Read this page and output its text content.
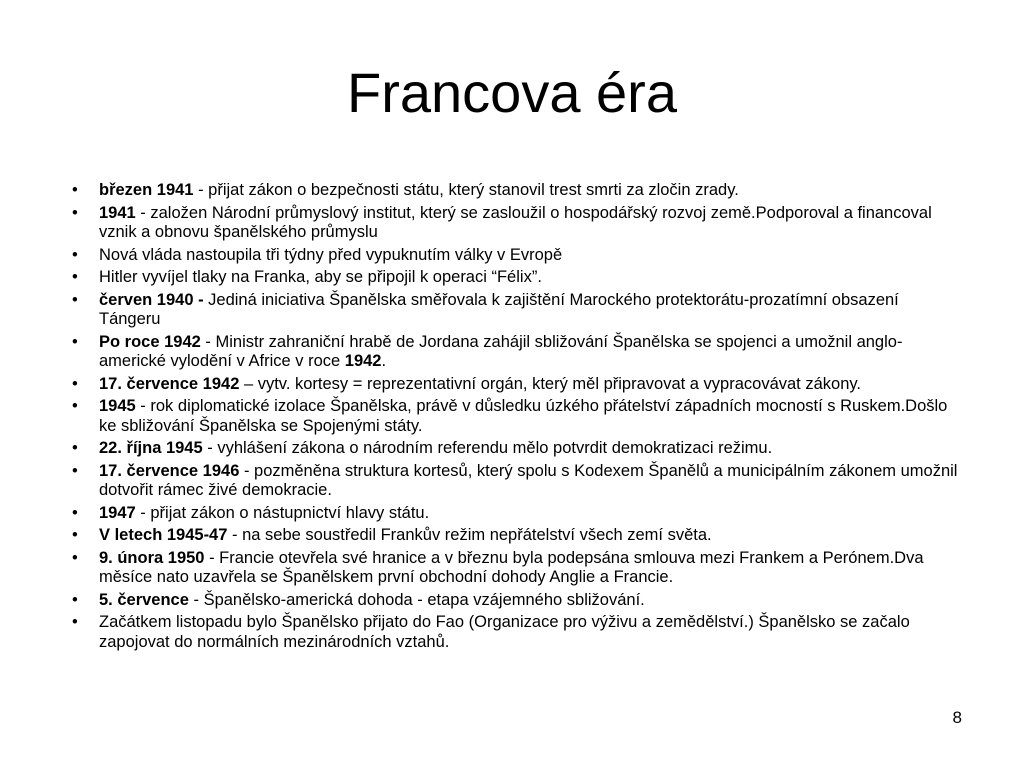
Francova éra
• březen 1941 - přijat zákon o bezpečnosti státu, který stanovil trest smrti za zločin zrady.
• 1941 - založen Národní průmyslový institut, který se zasloužil o hospodářský rozvoj země.Podporoval a financoval vznik a obnovu španělského průmyslu
• Nová vláda nastoupila tři týdny před vypuknutím války v Evropě
• Hitler vyvíjel tlaky na Franka, aby se připojil k operaci “Félix”.
• červen 1940 - Jediná iniciativa Španělska směřovala k zajištění Marockého protektorátu-prozatímní obsazení Tángeru
• Po roce 1942 - Ministr zahraniční hrabě de Jordana zahájil sbližování Španělska se spojenci a umožnil anglo-americké vylodění v Africe v roce 1942.
• 17. července 1942 – vytv. kortesy = reprezentativní orgán, který měl připravovat a vypracovávat zákony.
• 1945 - rok diplomatické izolace Španělska, právě v důsledku úzkého přátelství západních mocností s Ruskem.Došlo ke sbližování Španělska se Spojenými státy.
• 22. října 1945 - vyhlášení zákona o národním referendu mělo potvrdit demokratizaci režimu.
• 17. července 1946 - pozměněna struktura kortesů, který spolu s Kodexem Španělů a municipálním zákonem umožnil dotvořit rámec živé demokracie.
• 1947 - přijat zákon o nástupnictví hlavy státu.
• V letech 1945-47 - na sebe soustředil Frankův režim nepřátelství všech zemí světa.
• 9. února 1950 - Francie otevřela své hranice a v březnu byla podepsána smlouva mezi Frankem a Perónem.Dva měsíce nato uzavřela se Španělskem první obchodní dohody Anglie a Francie.
• 5. července - Španělsko-americká dohoda - etapa vzájemného sbližování.
• Začátkem listopadu bylo Španělsko přijato do Fao (Organizace pro výživu a zemědělství.) Španělsko se začalo zapojovat do normálních mezinárodních vztahů.
8
